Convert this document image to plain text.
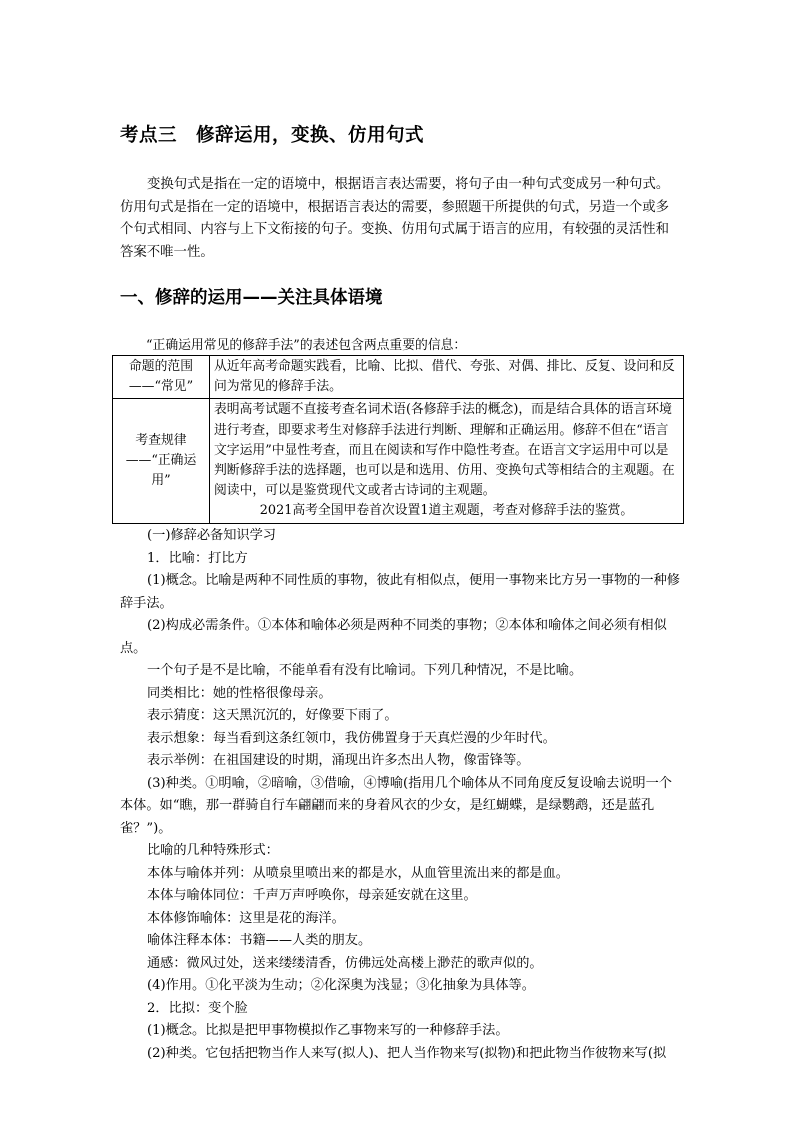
考点三　修辞运用，变换、仿用句式

变换句式是指在一定的语境中，根据语言表达需要，将句子由一种句式变成另一种句式。仿用句式是指在一定的语境中，根据语言表达的需要，参照题干所提供的句式，另造一个或多个句式相同、内容与上下文衔接的句子。变换、仿用句式属于语言的应用，有较强的灵活性和答案不唯一性。

一、修辞的运用——关注具体语境
“正确运用常见的修辞手法”的表述包含两点重要的信息：
命题的范围——“常见”	从近年高考命题实践看，比喻、比拟、借代、夸张、对偶、排比、反复、设问和反问为常见的修辞手法。
考查规律——“正确运用”	表明高考试题不直接考查名词术语(各修辞手法的概念)，而是结合具体的语言环境进行考查，即要求考生对修辞手法进行判断、理解和正确运用。修辞不但在“语言文字运用”中显性考查，而且在阅读和写作中隐性考查。在语言文字运用中可以是判断修辞手法的选择题，也可以是和选用、仿用、变换句式等相结合的主观题。在阅读中，可以是鉴赏现代文或者古诗词的主观题。
2021高考全国甲卷首次设置1道主观题，考查对修辞手法的鉴赏。

(一)修辞必备知识学习

1．比喻：打比方

(1)概念。比喻是两种不同性质的事物，彼此有相似点，便用一事物来比方另一事物的一种修辞手法。

(2)构成必需条件。①本体和喻体必须是两种不同类的事物；②本体和喻体之间必须有相似点。

一个句子是不是比喻，不能单看有没有比喻词。下列几种情况，不是比喻。

同类相比：她的性格很像母亲。

表示猜度：这天黑沉沉的，好像要下雨了。

表示想象：每当看到这条红领巾，我仿佛置身于天真烂漫的少年时代。

表示举例：在祖国建设的时期，涌现出许多杰出人物，像雷锋等。

(3)种类。①明喻，②暗喻，③借喻，④博喻(指用几个喻体从不同角度反复设喻去说明一个本体。如“瞧，那一群骑自行车翩翩而来的身着风衣的少女，是红蝴蝶，是绿鹦鹉，还是蓝孔雀？”)。

比喻的几种特殊形式：

本体与喻体并列：从喷泉里喷出来的都是水，从血管里流出来的都是血。

本体与喻体同位：千声万声呼唤你，母亲延安就在这里。

本体修饰喻体：这里是花的海洋。

喻体注释本体：书籍——人类的朋友。

通感：微风过处，送来缕缕清香，仿佛远处高楼上渺茫的歌声似的。

(4)作用。①化平淡为生动；②化深奥为浅显；③化抽象为具体等。

2．比拟：变个脸

(1)概念。比拟是把甲事物模拟作乙事物来写的一种修辞手法。

(2)种类。它包括把物当作人来写(拟人)、把人当作物来写(拟物)和把此物当作彼物来写(拟
